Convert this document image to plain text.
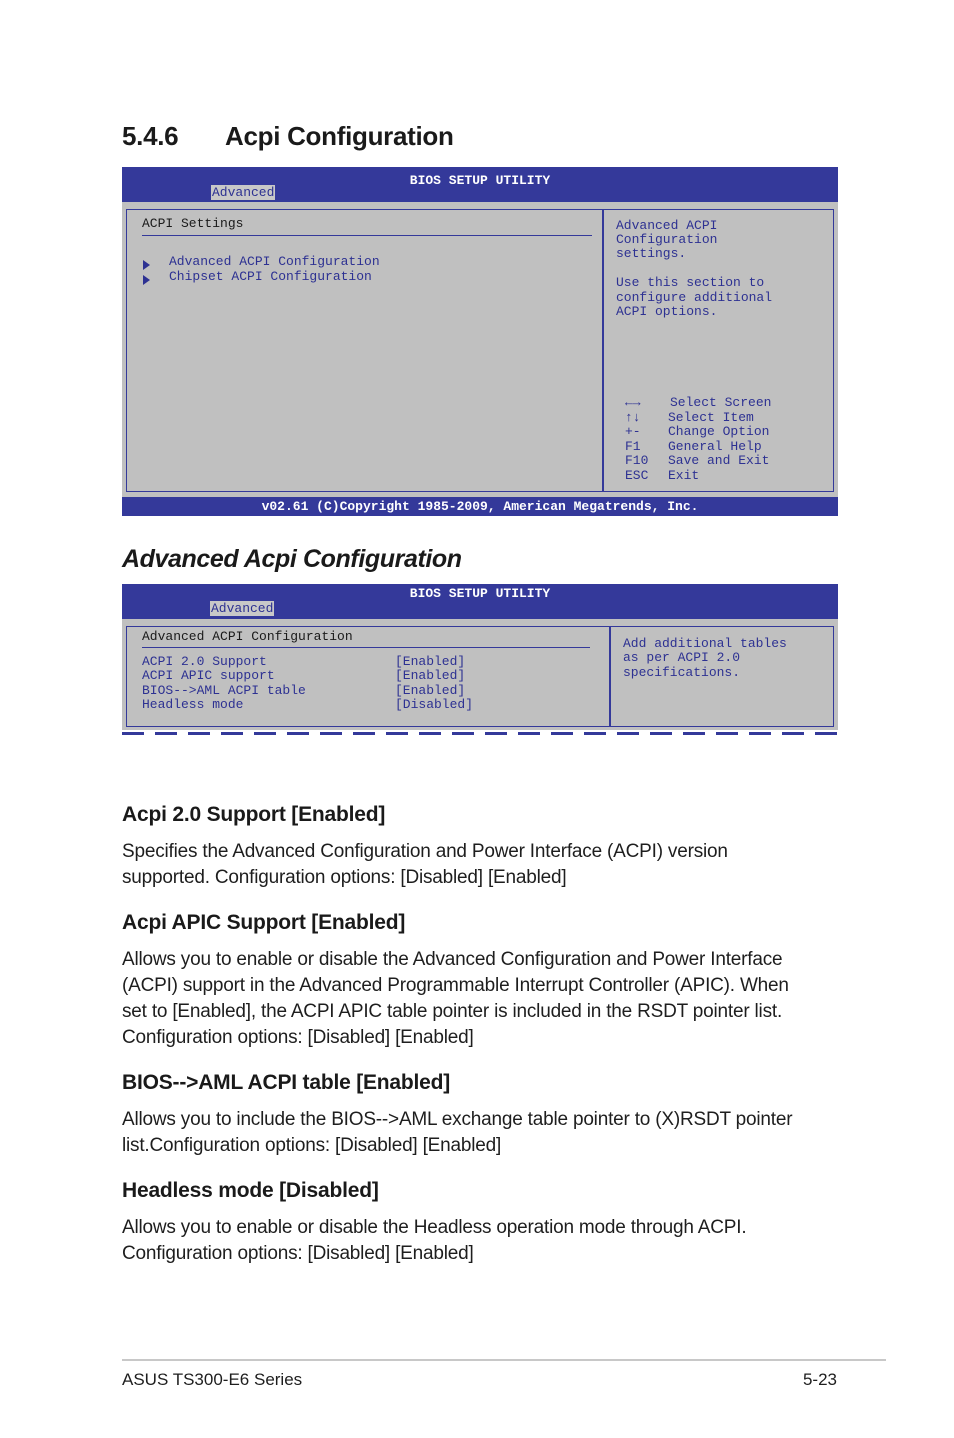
5.4.6 Acpi Configuration
BIOS SETUP UTILITY
Advanced
ACPI Settings
Advanced ACPI Configuration
Chipset ACPI Configuration
Advanced ACPI
Configuration
settings.
Use this section to
configure additional
ACPI options.
←→ Select Screen
↑↓ Select Item
+- Change Option
F1 General Help
F10 Save and Exit
ESC Exit
v02.61 (C)Copyright 1985-2009, American Megatrends, Inc.
Advanced Acpi Configuration
BIOS SETUP UTILITY
Advanced
Advanced ACPI Configuration
ACPI 2.0 Support	[Enabled]
ACPI APIC support	[Enabled]
BIOS-->AML ACPI table	[Enabled]
Headless mode	[Disabled]
Add additional tables
as per ACPI 2.0
specifications.
Acpi 2.0 Support [Enabled]
Specifies the Advanced Configuration and Power Interface (ACPI) version
supported. Configuration options: [Disabled] [Enabled]
Acpi APIC Support [Enabled]
Allows you to enable or disable the Advanced Configuration and Power Interface
(ACPI) support in the Advanced Programmable Interrupt Controller (APIC). When
set to [Enabled], the ACPI APIC table pointer is included in the RSDT pointer list.
Configuration options: [Disabled] [Enabled]
BIOS-->AML ACPI table [Enabled]
Allows you to include the BIOS-->AML exchange table pointer to (X)RSDT pointer
list.Configuration options: [Disabled] [Enabled]
Headless mode [Disabled]
Allows you to enable or disable the Headless operation mode through ACPI.
Configuration options: [Disabled] [Enabled]
ASUS TS300-E6 Series	5-23
